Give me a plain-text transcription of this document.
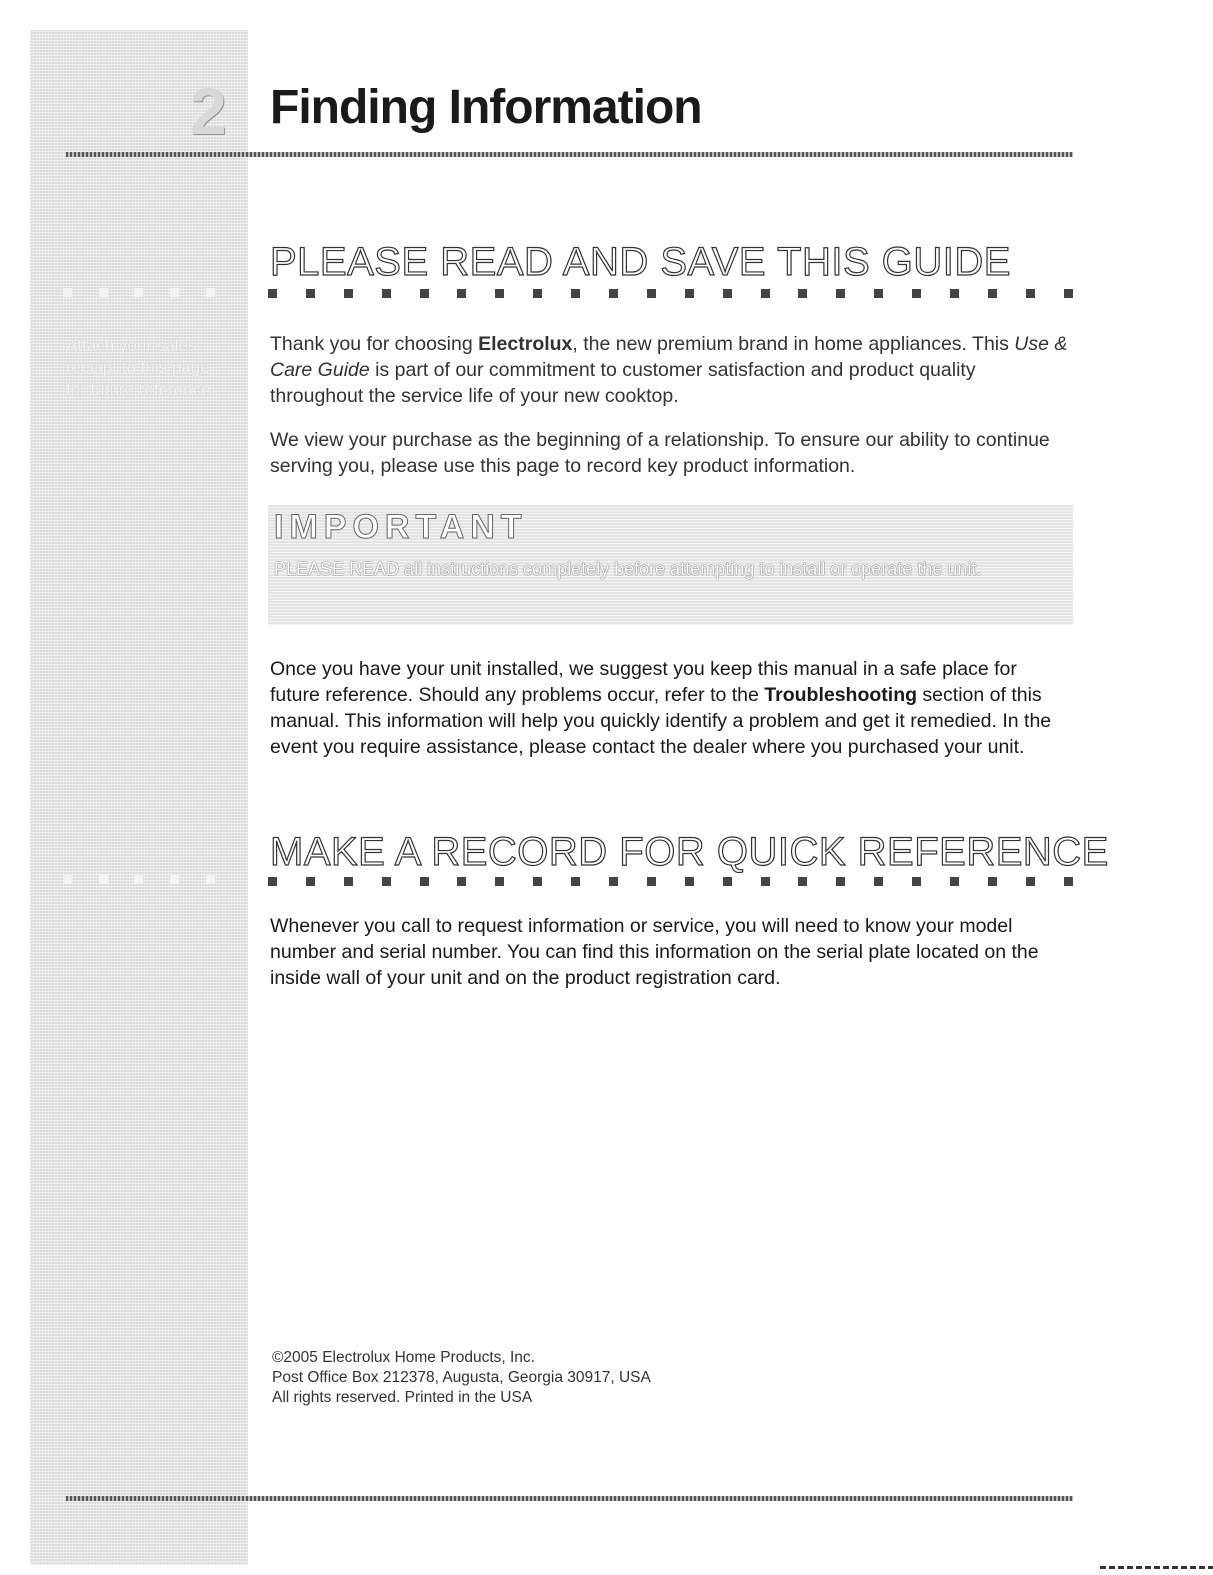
Attach your sales receipt to this page for future reference.
2 Finding Information
PLEASE READ AND SAVE THIS GUIDE

Thank you for choosing Electrolux, the new premium brand in home appliances. This Use & Care Guide is part of our commitment to customer satisfaction and product quality throughout the service life of your new cooktop.

We view your purchase as the beginning of a relationship. To ensure our ability to continue serving you, please use this page to record key product information.

IMPORTANT
PLEASE READ all instructions completely before attempting to install or operate the unit.

Once you have your unit installed, we suggest you keep this manual in a safe place for future reference. Should any problems occur, refer to the Troubleshooting section of this manual. This information will help you quickly identify a problem and get it remedied. In the event you require assistance, please contact the dealer where you purchased your unit.

MAKE A RECORD FOR QUICK REFERENCE

Whenever you call to request information or service, you will need to know your model number and serial number. You can find this information on the serial plate located on the inside wall of your unit and on the product registration card.

©2005 Electrolux Home Products, Inc.
Post Office Box 212378, Augusta, Georgia 30917, USA
All rights reserved. Printed in the USA
